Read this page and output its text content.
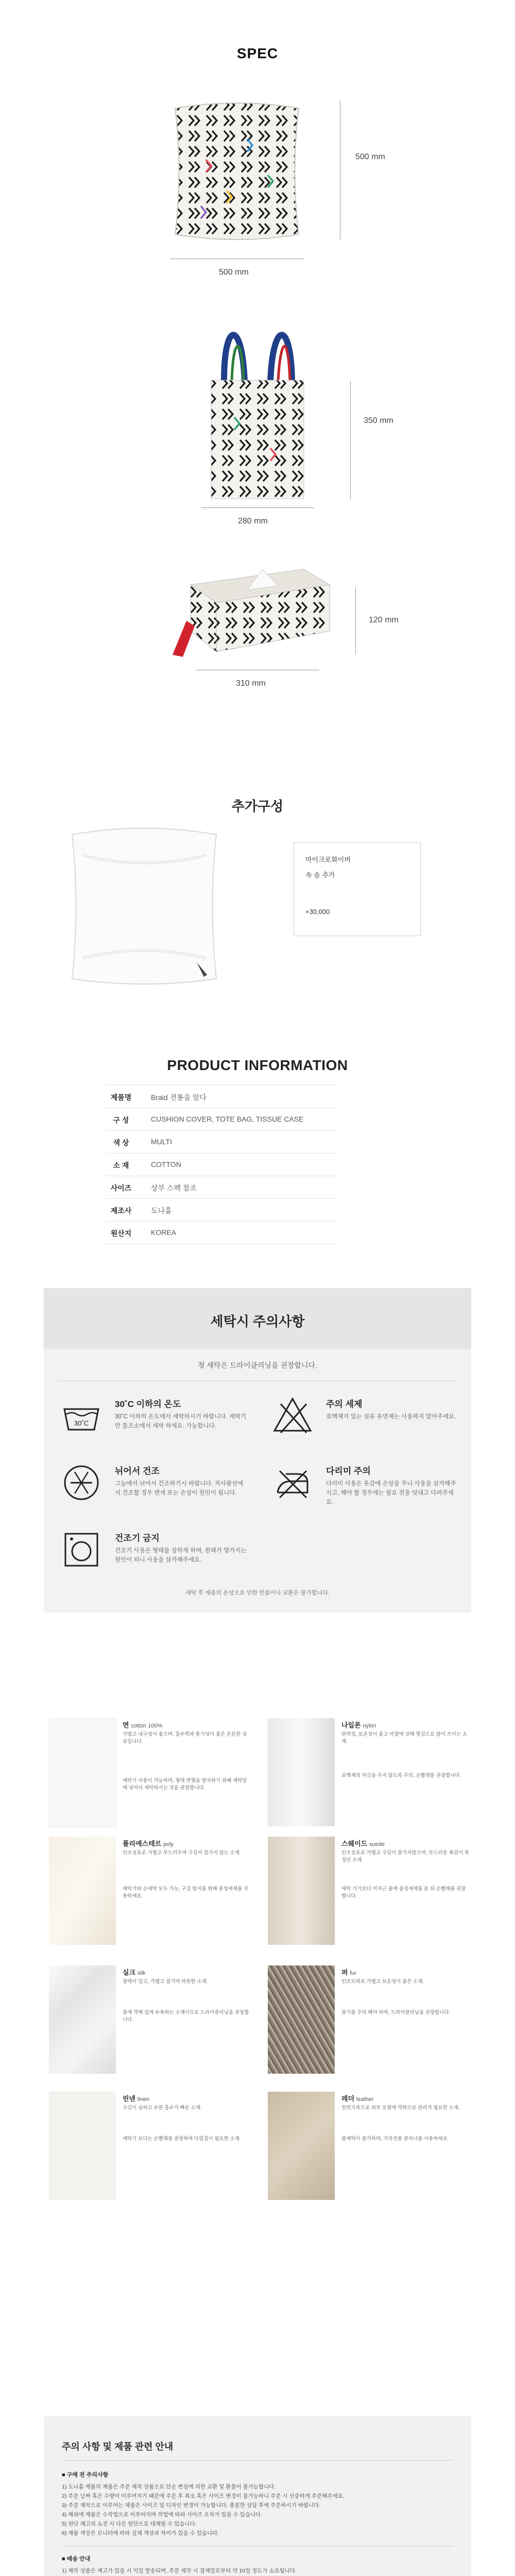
SPEC
500 mm
500 mm
350 mm
280 mm
120 mm
310 mm
추가구성
마이크로화이버
속 솜 추가
+30,000
PRODUCT INFORMATION
제품명	Braid 전통을 알다
구 성	CUSHION COVER, TOTE BAG, TISSUE CASE
색 상	MULTI
소 재	COTTON
사이즈	상부 스펙 참조
제조사	도나홈
원산지	KOREA
세탁시 주의사항
첫 세탁은 드라이클리닝을 권장합니다.
30˚C
30˚C 이하의 온도
30˚C 이하의 온도에서 세탁하시기 바랍니다. 세탁기만 물조소에서 세탁 하세요. 가능합니다.
주의 세제
표백제가 있는 섬유 유연제는 사용하지 말아주세요.
뉘어서 건조
그늘에서 뉘어서 건조하기시 바랍니다. 직사광선에서 건조할 경우 변색 또는 손상이 원인이 됩니다.
다리미 주의
다리미 사용은 옷감에 손상을 주니 사용을 삼가해주시고, 해야 할 경우에는 필요 전용 덧대고 다려주세요.
건조기 금지
건조기 사용은 형태를 상하게 하며, 원래가 망가지는 원인이 되니 사용을 삼가해주세요.
세탁 후 제품의 손상으로 인한 반품이나 교환은 불가합니다.
면 cotton 100%
가볍고 내구성이 좋으며, 흡수력과 통기성이 좋은 튼튼한 섬유입니다.
세탁기 사용이 가능하며, 형태 변형을 방지하기 위해 세탁망에 넣어서 세탁하시는 것을 권장합니다.
나일론 nylon
탄력성, 보온성이 좋고 마찰에 강해 찢김으로 많이 쓰이는 소재.
표백제의 자극을 주지 않도록 주의, 손빨래를 권장합니다.
폴리에스테르 poly
인조섬유로 가볍고 부드러우며 구김이 잘가지 않는 소재.
세탁기와 손세탁 모두 가능, 구김 방지를 위해 중성세제를 사용하세요.
스웨이드 suede
인조섬유로 가볍고 구김이 잘가지않으며, 부드러운 촉감이 특징인 소재.
세탁 기기보다 미지근 물에 중성세제를 푼 뒤 손빨래를 권장합니다.
실크 silk
광택이 있고, 가볍고 질기며 따뜻한 소재.
물에 약해 쉽게 수축하는 소재이므로 드라이클리닝을 권장합니다.
퍼 fur
인조모피로 가볍고 보온성이 좋은 소재.
물기를 주의 해야 하며, 드라이클리닝을 권장합니다.
린넨 linen
구김이 심하고 수분 흡수가 빠른 소재.
세탁기 보다는 손빨래를 권장하며 다림질이 필요한 소재.
레더 leather
천연가죽으로 외부 오염에 약하므로 관리가 필요한 소재.
물세탁이 불가하며, 가죽전용 클리너를 사용하세요.
주의 사항 및 제품 관련 안내
■ 구매 전 주의사항
1) 도나홈 제품의 제품은 주문 제작 상품으로 단순 변심에 의한 교환 및 환불이 불가능합니다.
2) 주문 날짜 혹은 수량이 이루어지기 때문에 주문 후 취소 혹은 사이즈 변경이 불가능하니 주문 시 신중하게 주문해주세요.
3) 주문 제작으로 이루어는 제품은 사이즈 및 디자인 변경이 가능합니다. 충분한 상담 후에 주문하시기 바랍니다.
4) 해외에 제품은 수작업으로 이루어지며 작업에 따라 사이즈 오차가 있을 수 있습니다.
5) 원단 재고의 소진 시 다른 원단으로 대체될 수 있습니다.
6) 제품 색상은 모니터에 따라 실제 색상과 차이가 있을 수 있습니다.
■ 배송 안내
1) 제작 상품은 재고가 있을 시 익일 발송되며, 주문 제작 시 결제일로부터 약 10일 정도가 소요됩니다.
